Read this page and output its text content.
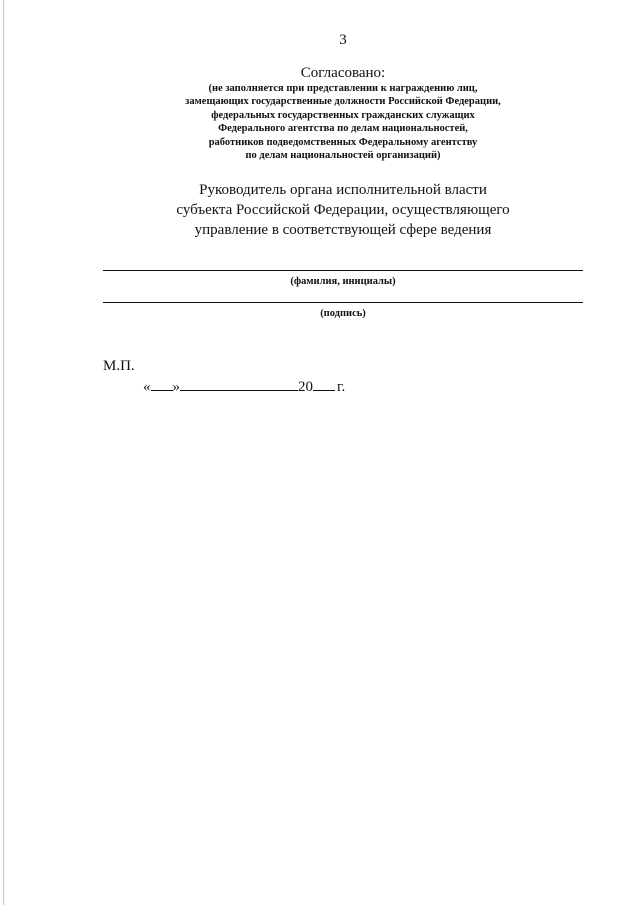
3
Согласовано:
(не заполняется при представлении к награждению лиц,
замещающих государственные должности Российской Федерации,
федеральных государственных гражданских служащих
Федерального агентства по делам национальностей,
работников подведомственных Федеральному агентству
по делам национальностей организаций)
Руководитель органа исполнительной власти
субъекта Российской Федерации, осуществляющего
управление в соответствующей сфере ведения
(фамилия, инициалы)
(подпись)
М.П.
« »	20 г.
